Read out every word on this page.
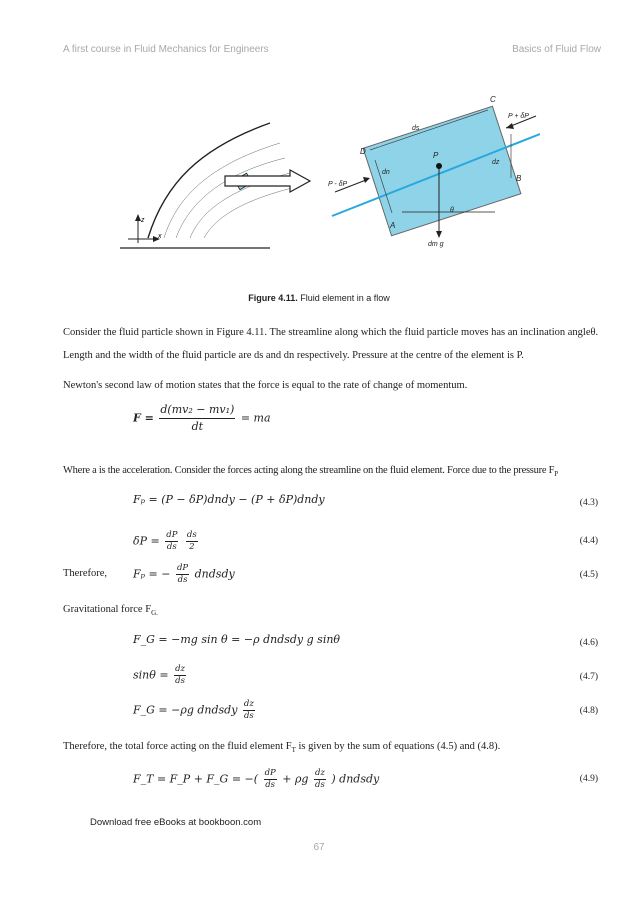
A first course in Fluid Mechanics for Engineers	Basics of Fluid Flow
z
x
C
D
A
B
P
ds
dn
dz
P + δP
P - δP
θ
dm g
Figure 4.11. Fluid element in a flow
Consider the fluid particle shown in Figure 4.11. The streamline along which the fluid particle moves has an inclination angleθ. Length and the width of the fluid particle are ds and dn respectively. Pressure at the centre of the element is P.
Newton's second law of motion states that the force is equal to the rate of change of momentum.
$F = \frac{\text{d(mv₂ − mv₁)}}{dt}$ = ma
Where a is the acceleration. Consider the forces acting along the streamline on the fluid element. Force due to the pressure $F_P$
Fₚ = (P − δP)dndy − (P + δP)dndy	(4.3)
$\delta P = \frac{dP}{ds}$
$\frac{ds}{2}$	(4.4)
Therefore, Fₚ = − $\frac{dP}{ds}$ dndsdy	(4.5)
Gravitational force $F_{G.}$
F_G = −mg sin θ = −ρ dndsdy g sinθ	(4.6)
$\sin\theta = \frac{dz}{ds}$	(4.7)
F_G = −ρg dndsdy $\frac{dz}{ds}$	(4.8)
Therefore, the total force acting on the fluid element $F_T$ is given by the sum of equations (4.5) and (4.8).
F_T = F_P + F_G = −( $\frac{dP}{ds} + \rho g \frac{dz}{ds}$ ) dndsdy	(4.9)
Download free eBooks at bookboon.com
67
